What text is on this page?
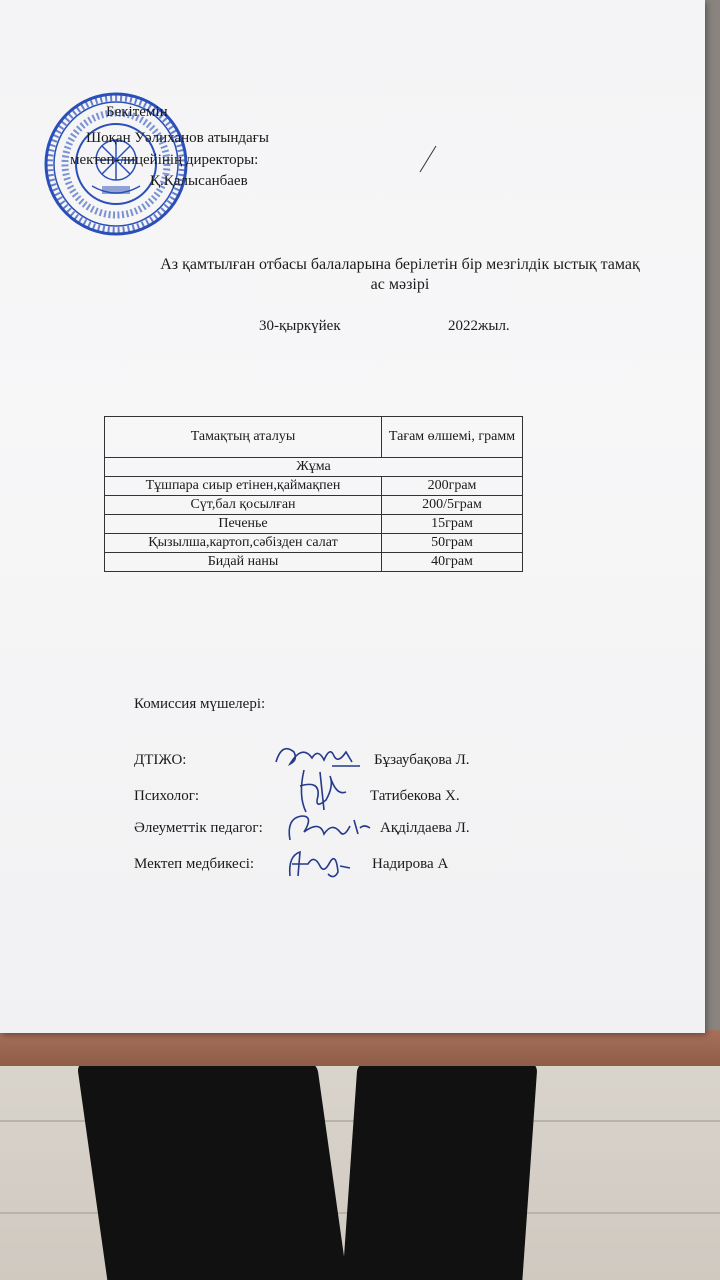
Бекітемін
Шоқан Уәлиханов атындағы
мектеп-лицейінің директоры:
Қ.Қалысанбаев
Аз қамтылған отбасы балаларына берілетін бір мезгілдік ыстық тамақ
ас мәзірі
30-қыркүйек	2022жыл.
Тамақтың аталуы	Тағам өлшемі, грамм
Жұма	
Тұшпара сиыр етінен,қаймақпен	200грам
Сүт,бал қосылған	200/5грам
Печенье	15грам
Қызылша,картоп,сәбізден салат	50грам
Бидай наны	40грам
Комиссия мүшелері:
ДТІЖО:	Бұзаубақова Л.
Психолог:	Татибекова Х.
Әлеуметтік педагог:	Ақділдаева Л.
Мектеп медбикесі:	Надирова А
